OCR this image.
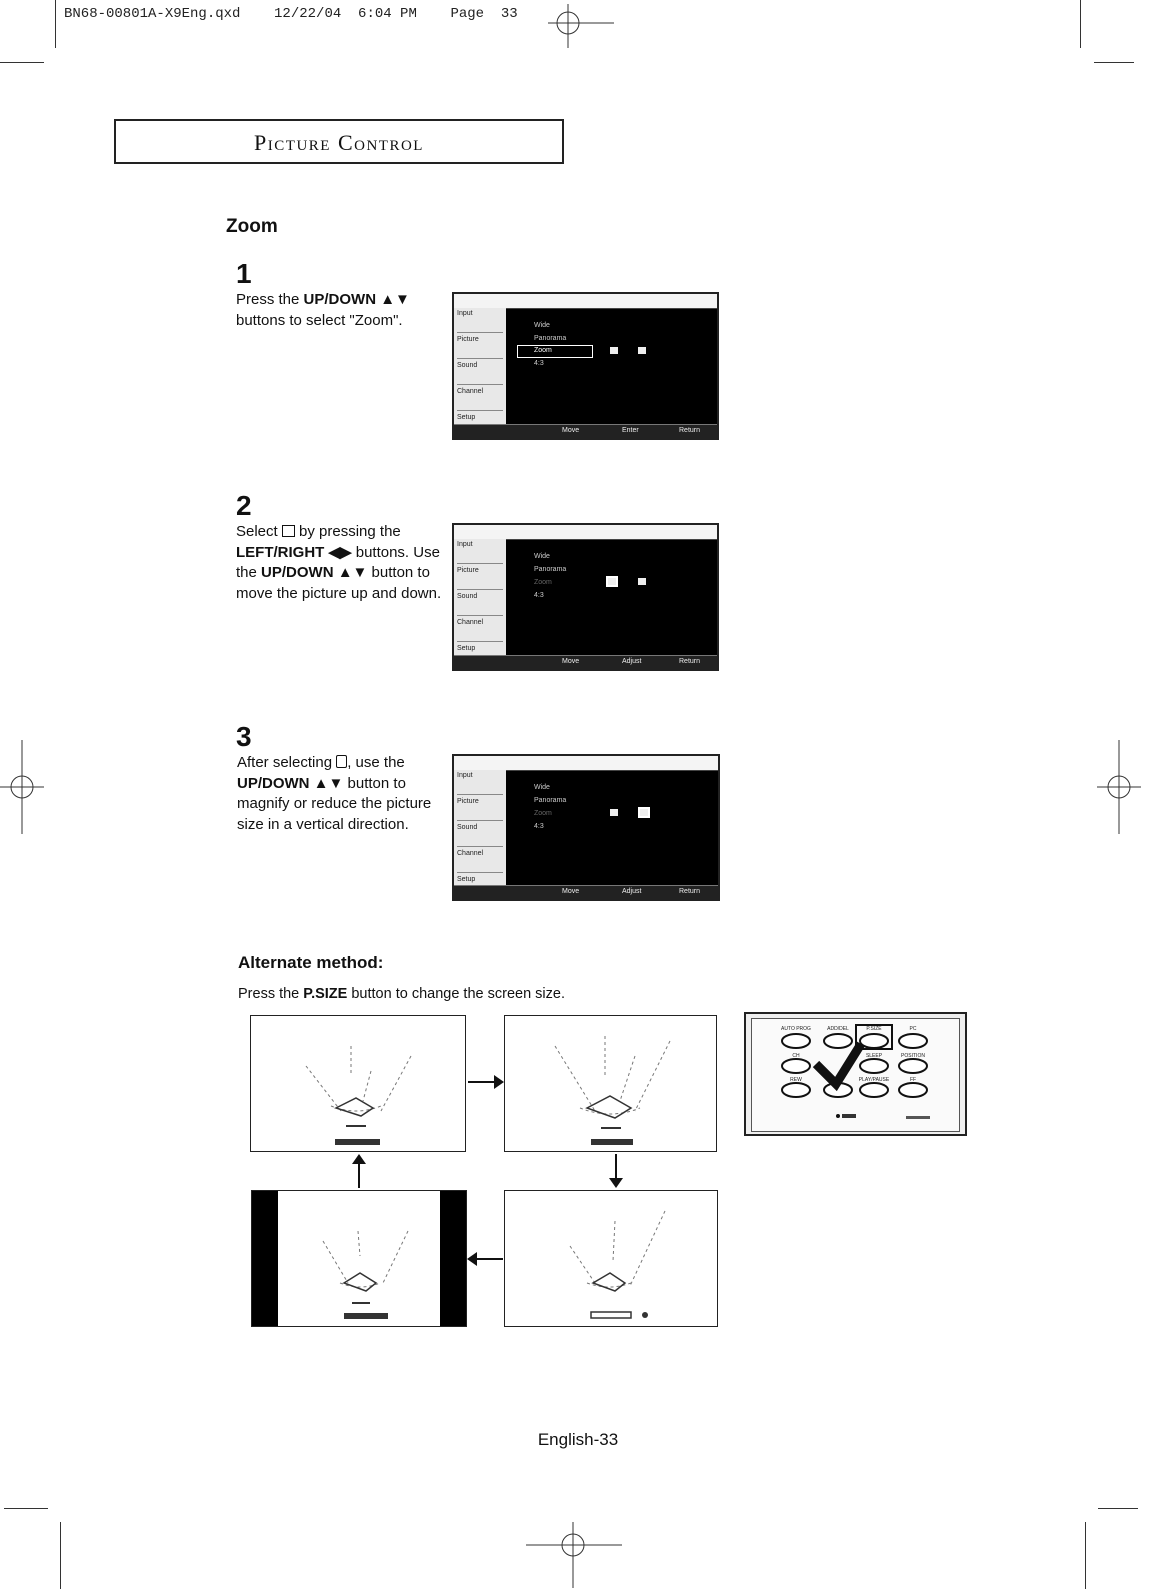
BN68-00801A-X9Eng.qxd    12/22/04  6:04 PM    Page  33
Picture Control
Zoom
1
Press the UP/DOWN ▲▼ buttons to select "Zoom".	Input
Picture
Sound
Channel
Setup
Wide
Panorama
Zoom
4:3
Move	Enter	Return
2
Select  by pressing the LEFT/RIGHT ◀▶ buttons. Use the UP/DOWN ▲▼ button to move the picture up and down.
Input
Picture
Sound
Channel
Setup
Wide
Panorama
Zoom
4:3
Move	Adjust	Return
3
After selecting , use the UP/DOWN ▲▼ button to magnify or reduce the picture size in a vertical direction.
Input
Picture
Sound
Channel
Setup
Wide
Panorama
Zoom
4:3
Move	Adjust	Return
Alternate method:
Press the P.SIZE button to change the screen size.
AUTO PROG	ADD/DEL	P.SIZE	PC
CH	SLEEP	POSITION
REW	STOP	PLAY/PAUSE	FF
English-33
